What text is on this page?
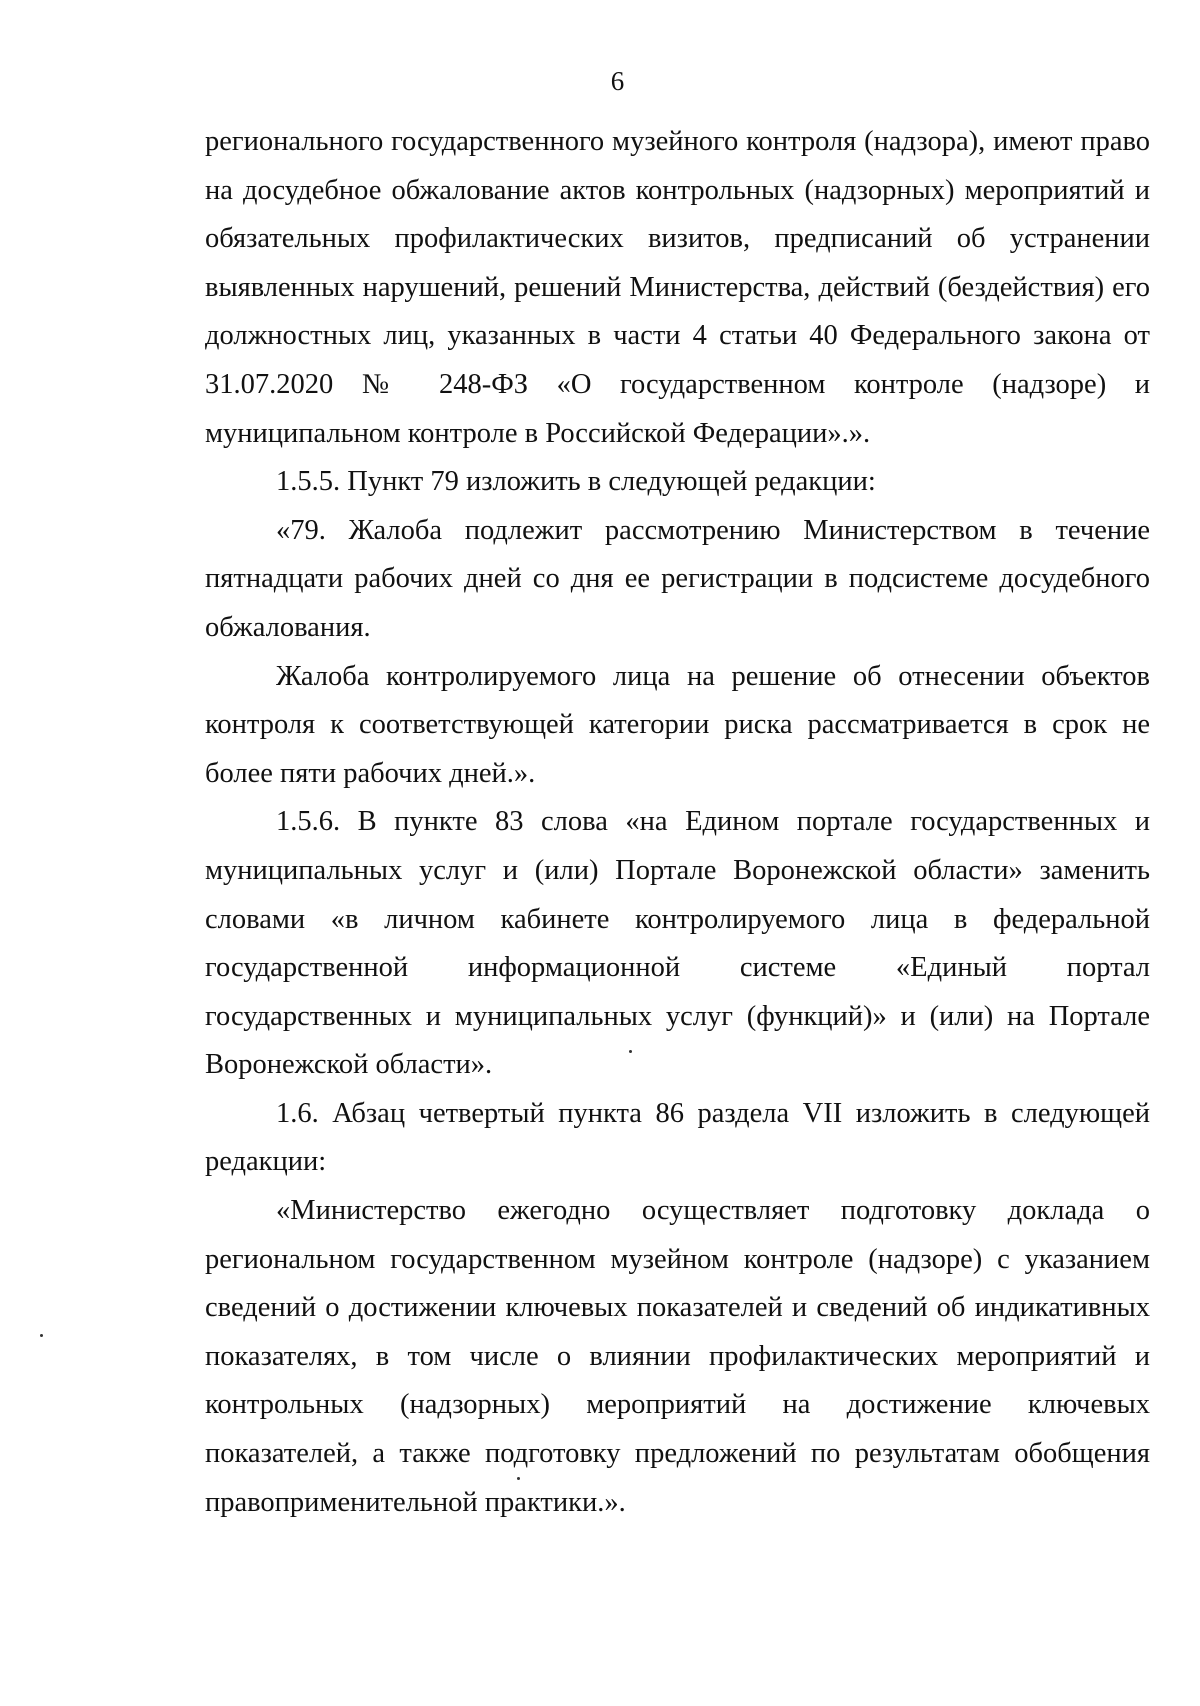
6

регионального государственного музейного контроля (надзора), имеют право на досудебное обжалование актов контрольных (надзорных) мероприятий и обязательных профилактических визитов, предписаний об устранении выявленных нарушений, решений Министерства, действий (бездействия) его должностных лиц, указанных в части 4 статьи 40 Федерального закона от 31.07.2020 № 248-ФЗ «О государственном контроле (надзоре) и муниципальном контроле в Российской Федерации».».

1.5.5. Пункт 79 изложить в следующей редакции:

«79. Жалоба подлежит рассмотрению Министерством в течение пятнадцати рабочих дней со дня ее регистрации в подсистеме досудебного обжалования.

Жалоба контролируемого лица на решение об отнесении объектов контроля к соответствующей категории риска рассматривается в срок не более пяти рабочих дней.».

1.5.6. В пункте 83 слова «на Едином портале государственных и муниципальных услуг и (или) Портале Воронежской области» заменить словами «в личном кабинете контролируемого лица в федеральной государственной информационной системе «Единый портал государственных и муниципальных услуг (функций)» и (или) на Портале Воронежской области».

1.6. Абзац четвертый пункта 86 раздела VII изложить в следующей редакции:

«Министерство ежегодно осуществляет подготовку доклада о региональном государственном музейном контроле (надзоре) с указанием сведений о достижении ключевых показателей и сведений об индикативных показателях, в том числе о влиянии профилактических мероприятий и контрольных (надзорных) мероприятий на достижение ключевых показателей, а также подготовку предложений по результатам обобщения правоприменительной практики.».
